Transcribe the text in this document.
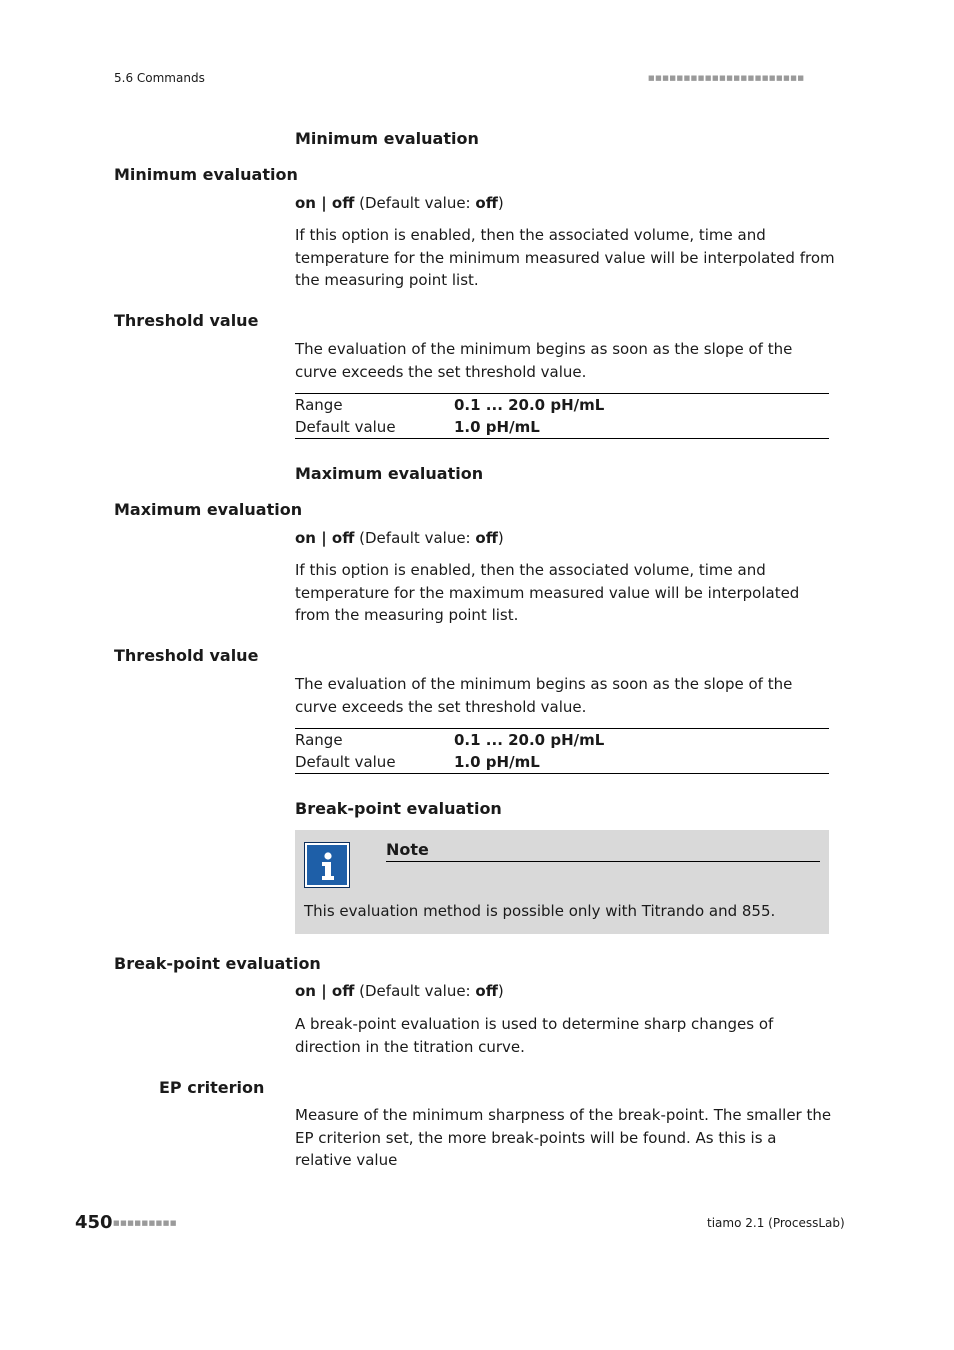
5.6 Commands	■■■■■■■■■■■■■■■■■■■■■■
Minimum evaluation
Minimum evaluation
on | off (Default value: off)
If this option is enabled, then the associated volume, time and temperature for the minimum measured value will be interpolated from the measuring point list.
Threshold value
The evaluation of the minimum begins as soon as the slope of the curve exceeds the set threshold value.
Range	0.1 ... 20.0 pH/mL
Default value	1.0 pH/mL
Maximum evaluation
Maximum evaluation
on | off (Default value: off)
If this option is enabled, then the associated volume, time and temperature for the maximum measured value will be interpolated from the measuring point list.
Threshold value
The evaluation of the minimum begins as soon as the slope of the curve exceeds the set threshold value.
Range	0.1 ... 20.0 pH/mL
Default value	1.0 pH/mL
Break-point evaluation
Note
This evaluation method is possible only with Titrando and 855.
Break-point evaluation
on | off (Default value: off)
A break-point evaluation is used to determine sharp changes of direction in the titration curve.
EP criterion
Measure of the minimum sharpness of the break-point. The smaller the EP criterion set, the more break-points will be found. As this is a relative value
450 ■■■■■■■■■	tiamo 2.1 (ProcessLab)
